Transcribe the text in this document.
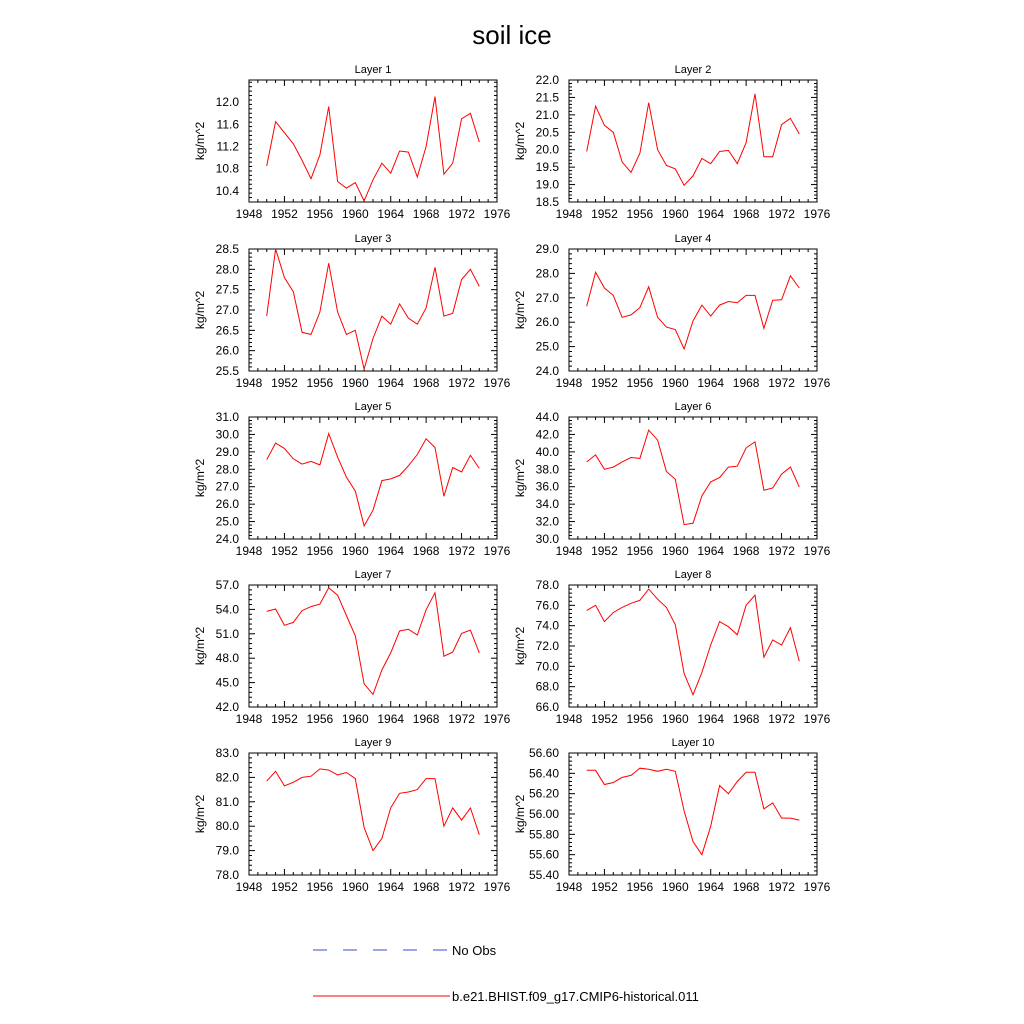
soil ice
Layer 1
kg/m^2
1948 1952 1956 1960 1964 1968 1972 1976
10.4
10.8
11.2
11.6
12.0
Layer 2
kg/m^2
1948 1952 1956 1960 1964 1968 1972 1976
18.5
19.0
19.5
20.0
20.5
21.0
21.5
22.0
Layer 3
kg/m^2
1948 1952 1956 1960 1964 1968 1972 1976
25.5
26.0
26.5
27.0
27.5
28.0
28.5
Layer 4
kg/m^2
1948 1952 1956 1960 1964 1968 1972 1976
24.0
25.0
26.0
27.0
28.0
29.0
Layer 5
kg/m^2
1948 1952 1956 1960 1964 1968 1972 1976
24.0
25.0
26.0
27.0
28.0
29.0
30.0
31.0
Layer 6
kg/m^2
1948 1952 1956 1960 1964 1968 1972 1976
30.0
32.0
34.0
36.0
38.0
40.0
42.0
44.0
Layer 7
kg/m^2
1948 1952 1956 1960 1964 1968 1972 1976
42.0
45.0
48.0
51.0
54.0
57.0
Layer 8
kg/m^2
1948 1952 1956 1960 1964 1968 1972 1976
66.0
68.0
70.0
72.0
74.0
76.0
78.0
Layer 9
kg/m^2
1948 1952 1956 1960 1964 1968 1972 1976
78.0
79.0
80.0
81.0
82.0
83.0
Layer 10
kg/m^2
1948 1952 1956 1960 1964 1968 1972 1976
55.40
55.60
55.80
56.00
56.20
56.40
56.60
No Obs
b.e21.BHIST.f09_g17.CMIP6-historical.011
